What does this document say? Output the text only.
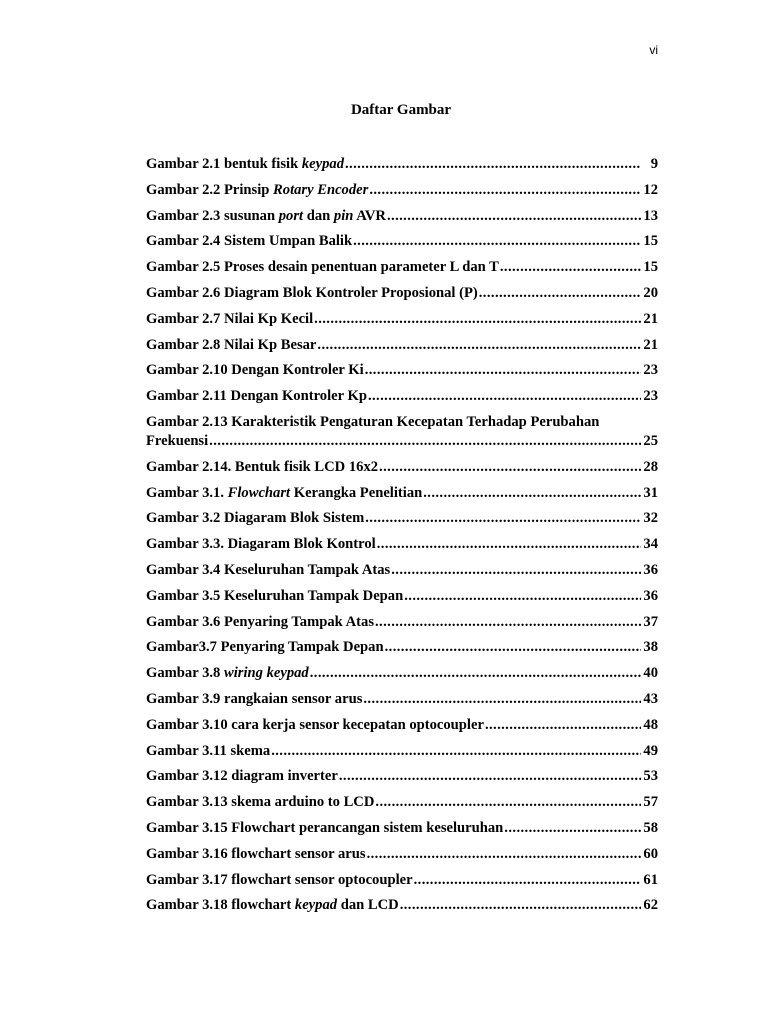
vi
Daftar Gambar
Gambar 2.1 bentuk fisik keypad .....	9
Gambar 2.2 Prinsip Rotary Encoder .....	12
Gambar 2.3 susunan port dan pin AVR .....	13
Gambar 2.4 Sistem Umpan Balik .....	15
Gambar 2.5 Proses desain penentuan parameter L dan T .....	15
Gambar 2.6 Diagram Blok Kontroler Proposional (P) .....	20
Gambar 2.7 Nilai Kp Kecil .....	21
Gambar 2.8 Nilai Kp Besar .....	21
Gambar 2.10 Dengan Kontroler Ki .....	23
Gambar 2.11 Dengan Kontroler Kp .....	23
Gambar 2.13 Karakteristik Pengaturan Kecepatan Terhadap Perubahan
Frekuensi .....	25
Gambar 2.14. Bentuk fisik LCD 16x2 .....	28
Gambar 3.1. Flowchart Kerangka Penelitian .....	31
Gambar 3.2 Diagaram Blok Sistem .....	32
Gambar 3.3. Diagaram Blok Kontrol .....	34
Gambar 3.4 Keseluruhan Tampak Atas .....	36
Gambar 3.5 Keseluruhan Tampak Depan .....	36
Gambar 3.6 Penyaring Tampak Atas .....	37
Gambar3.7 Penyaring Tampak Depan .....	38
Gambar 3.8 wiring keypad .....	40
Gambar 3.9 rangkaian sensor arus .....	43
Gambar 3.10 cara kerja sensor kecepatan optocoupler .....	48
Gambar 3.11 skema .....	49
Gambar 3.12 diagram inverter .....	53
Gambar 3.13 skema arduino to LCD .....	57
Gambar 3.15 Flowchart perancangan sistem keseluruhan .....	58
Gambar 3.16 flowchart sensor arus .....	60
Gambar 3.17 flowchart sensor optocoupler .....	61
Gambar 3.18 flowchart keypad dan LCD .....	62
